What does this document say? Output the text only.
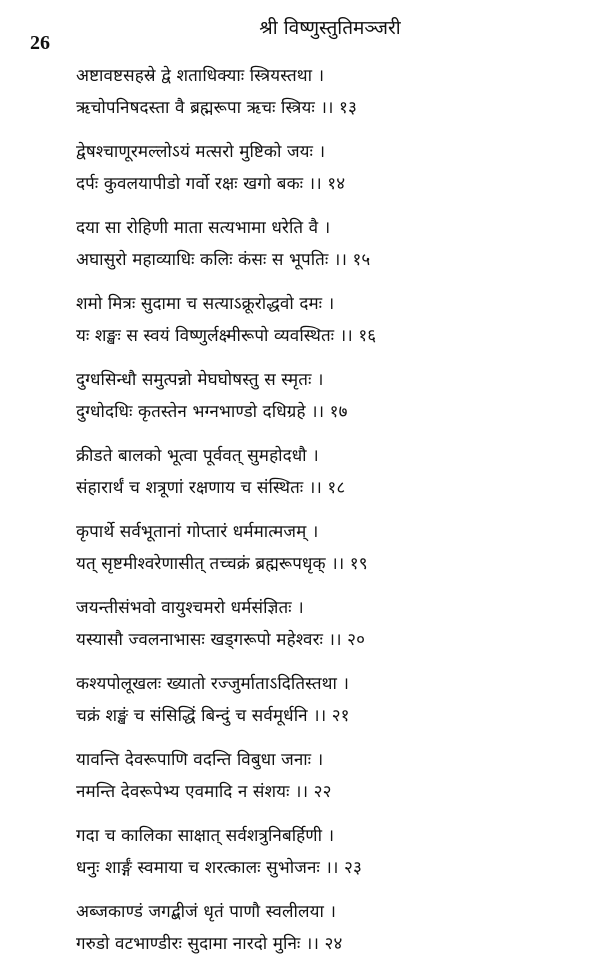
26
श्री विष्णुस्तुतिमञ्जरी
अष्टावष्टसहस्रे द्वे शताधिक्याः स्त्रियस्तथा ।
ऋचोपनिषदस्ता वै ब्रह्मरूपा ऋचः स्त्रियः ।। १३
द्वेषश्चाणूरमल्लोऽयं मत्सरो मुष्टिको जयः ।
दर्पः कुवलयापीडो गर्वो रक्षः खगो बकः ।। १४
दया सा रोहिणी माता सत्यभामा धरेति वै ।
अघासुरो महाव्याधिः कलिः कंसः स भूपतिः ।। १५
शमो मित्रः सुदामा च सत्याऽक्रूरोद्धवो दमः ।
यः शङ्खः स स्वयं विष्णुर्लक्ष्मीरूपो व्यवस्थितः ।। १६
दुग्धसिन्धौ समुत्पन्नो मेघघोषस्तु स स्मृतः ।
दुग्धोदधिः कृतस्तेन भग्नभाण्डो दधिग्रहे ।। १७
क्रीडते बालको भूत्वा पूर्ववत् सुमहोदधौ ।
संहारार्थं च शत्रूणां रक्षणाय च संस्थितः ।। १८
कृपार्थे सर्वभूतानां गोप्तारं धर्ममात्मजम् ।
यत् सृष्टमीश्वरेणासीत् तच्चक्रं ब्रह्मरूपधृक् ।। १९
जयन्तीसंभवो वायुश्चमरो धर्मसंज्ञितः ।
यस्यासौ ज्वलनाभासः खड्गरूपो महेश्वरः ।। २०
कश्यपोलूखलः ख्यातो रज्जुर्माताऽदितिस्तथा ।
चक्रं शङ्खं च संसिद्धिं बिन्दुं च सर्वमूर्धनि ।। २१
यावन्ति देवरूपाणि वदन्ति विबुधा जनाः ।
नमन्ति देवरूपेभ्य एवमादि न संशयः ।। २२
गदा च कालिका साक्षात् सर्वशत्रुनिबर्हिणी ।
धनुः शार्ङ्गं स्वमाया च शरत्कालः सुभोजनः ।। २३
अब्जकाण्डं जगद्बीजं धृतं पाणौ स्वलीलया ।
गरुडो वटभाण्डीरः सुदामा नारदो मुनिः ।। २४
